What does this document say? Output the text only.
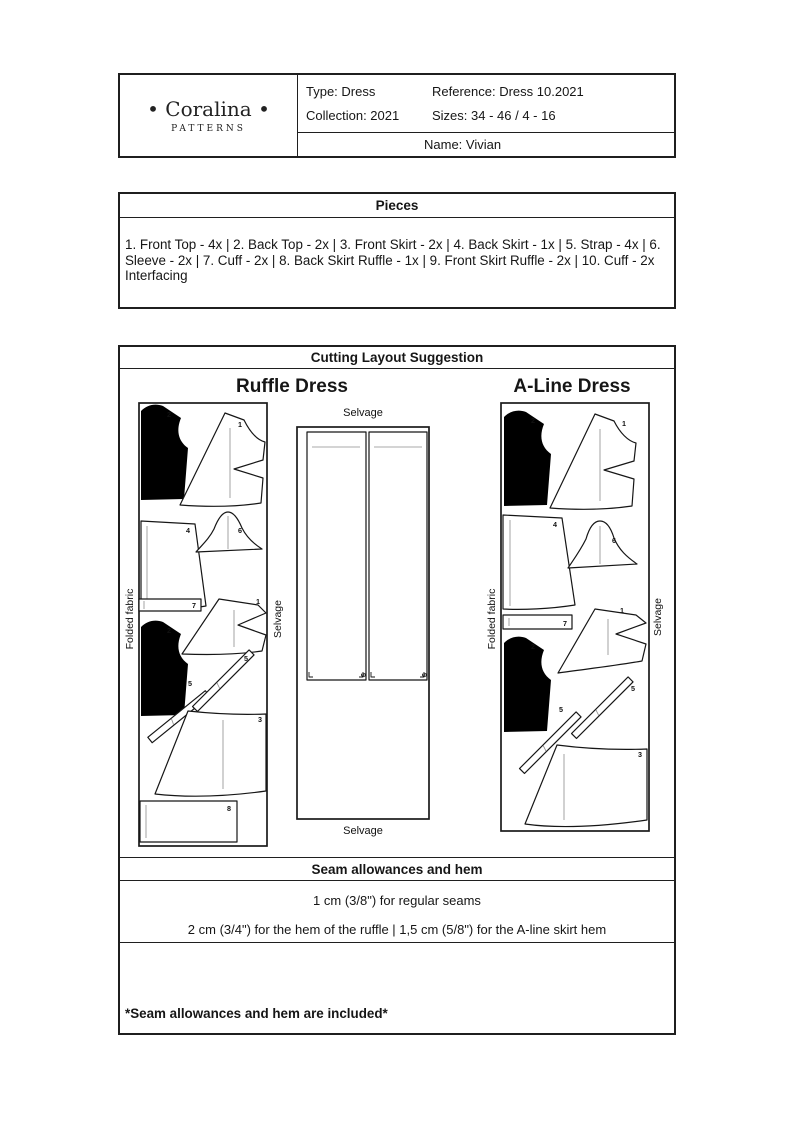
• Coralina •
PATTERNS
Type: Dress
Collection: 2021
Reference: Dress 10.2021
Sizes: 34 - 46 / 4 - 16
Name: Vivian
Pieces
1. Front Top - 4x | 2. Back Top - 2x | 3. Front Skirt - 2x | 4. Back Skirt - 1x | 5. Strap - 4x | 6. Sleeve - 2x | 7. Cuff - 2x | 8. Back Skirt Ruffle - 1x | 9. Front Skirt Ruffle - 2x | 10. Cuff - 2x Interfacing
Cutting Layout Suggestion
Ruffle Dress	A-Line Dress
Folded fabric	Selvage	Folded fabric	Selvage
Selvage
Selvage
2
1
4	6
7
2
1
5
5
3
8
9	9
2	1
4
6
7
2
1
5
5
3
Seam allowances and hem
1 cm (3/8") for regular seams
2 cm (3/4") for the hem of the ruffle | 1,5 cm (5/8") for the A-line skirt hem
*Seam allowances and hem are included*
